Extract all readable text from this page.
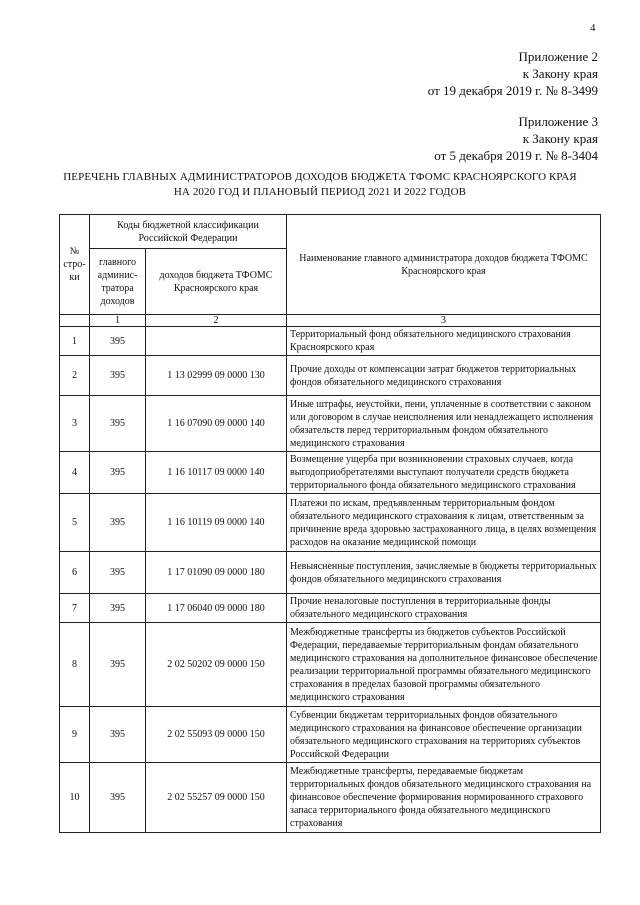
4
Приложение 2
к Закону края
от 19 декабря 2019 г. № 8-3499
Приложение 3
к Закону края
от 5 декабря 2019 г. № 8-3404
ПЕРЕЧЕНЬ ГЛАВНЫХ АДМИНИСТРАТОРОВ ДОХОДОВ БЮДЖЕТА ТФОМС КРАСНОЯРСКОГО КРАЯ
НА 2020 ГОД И ПЛАНОВЫЙ ПЕРИОД 2021 И 2022 ГОДОВ
№ стро-ки	Коды бюджетной классификации Российской Федерации		Наименование главного администратора доходов бюджета ТФОМС Красноярского края
	главного админис-тратора доходов	доходов бюджета ТФОМС Красноярского края	
	1	2	3
1	395		Территориальный фонд обязательного медицинского страхования Красноярского края
2	395	1 13 02999 09 0000 130	Прочие доходы от компенсации затрат бюджетов территориальных фондов обязательного медицинского страхования
3	395	1 16 07090 09 0000 140	Иные штрафы, неустойки, пени, уплаченные в соответствии с законом или договором в случае неисполнения или ненадлежащего исполнения обязательств перед территориальным фондом обязательного медицинского страхования
4	395	1 16 10117 09 0000 140	Возмещение ущерба при возникновении страховых случаев, когда выгодоприобретателями выступают получатели средств бюджета территориального фонда обязательного медицинского страхования
5	395	1 16 10119 09 0000 140	Платежи по искам, предъявленным территориальным фондом обязательного медицинского страхования к лицам, ответственным за причинение вреда здоровью застрахованного лица, в целях возмещения расходов на оказание медицинской помощи
6	395	1 17 01090 09 0000 180	Невыясненные поступления, зачисляемые в бюджеты территориальных фондов обязательного медицинского страхования
7	395	1 17 06040 09 0000 180	Прочие неналоговые поступления в территориальные фонды обязательного медицинского страхования
8	395	2 02 50202 09 0000 150	Межбюджетные трансферты из бюджетов субъектов Российской Федерации, передаваемые территориальным фондам обязательного медицинского страхования на дополнительное финансовое обеспечение реализации территориальной программы обязательного медицинского страхования в пределах базовой программы обязательного медицинского страхования
9	395	2 02 55093 09 0000 150	Субвенции бюджетам территориальных фондов обязательного медицинского страхования на финансовое обеспечение организации обязательного медицинского страхования на территориях субъектов Российской Федерации
10	395	2 02 55257 09 0000 150	Межбюджетные трансферты, передаваемые бюджетам территориальных фондов обязательного медицинского страхования на финансовое обеспечение формирования нормированного страхового запаса территориального фонда обязательного медицинского страхования
